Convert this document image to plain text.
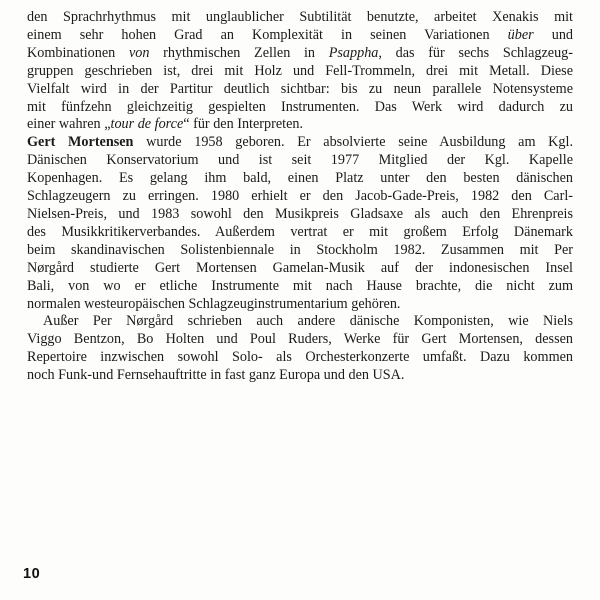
den Sprachrhythmus mit unglaublicher Subtilität benutzte, arbeitet Xenakis mit
einem sehr hohen Grad an Komplexität in seinen Variationen über und
Kombinationen von rhythmischen Zellen in Psappha, das für sechs Schlagzeug-
gruppen geschrieben ist, drei mit Holz und Fell-Trommeln, drei mit Metall. Diese
Vielfalt wird in der Partitur deutlich sichtbar: bis zu neun parallele Notensysteme
mit fünfzehn gleichzeitig gespielten Instrumenten. Das Werk wird dadurch zu
einer wahren „tour de force“ für den Interpreten.
Gert Mortensen wurde 1958 geboren. Er absolvierte seine Ausbildung am Kgl.
Dänischen Konservatorium und ist seit 1977 Mitglied der Kgl. Kapelle
Kopenhagen. Es gelang ihm bald, einen Platz unter den besten dänischen
Schlagzeugern zu erringen. 1980 erhielt er den Jacob-Gade-Preis, 1982 den Carl-
Nielsen-Preis, und 1983 sowohl den Musikpreis Gladsaxe als auch den Ehrenpreis
des Musikkritikerverbandes. Außerdem vertrat er mit großem Erfolg Dänemark
beim skandinavischen Solistenbiennale in Stockholm 1982. Zusammen mit Per
Nørgård studierte Gert Mortensen Gamelan-Musik auf der indonesischen Insel
Bali, von wo er etliche Instrumente mit nach Hause brachte, die nicht zum
normalen westeuropäischen Schlagzeuginstrumentarium gehören.
Außer Per Nørgård schrieben auch andere dänische Komponisten, wie Niels
Viggo Bentzon, Bo Holten und Poul Ruders, Werke für Gert Mortensen, dessen
Repertoire inzwischen sowohl Solo- als Orchesterkonzerte umfaßt. Dazu kommen
noch Funk-und Fernsehauftritte in fast ganz Europa und den USA.
10
